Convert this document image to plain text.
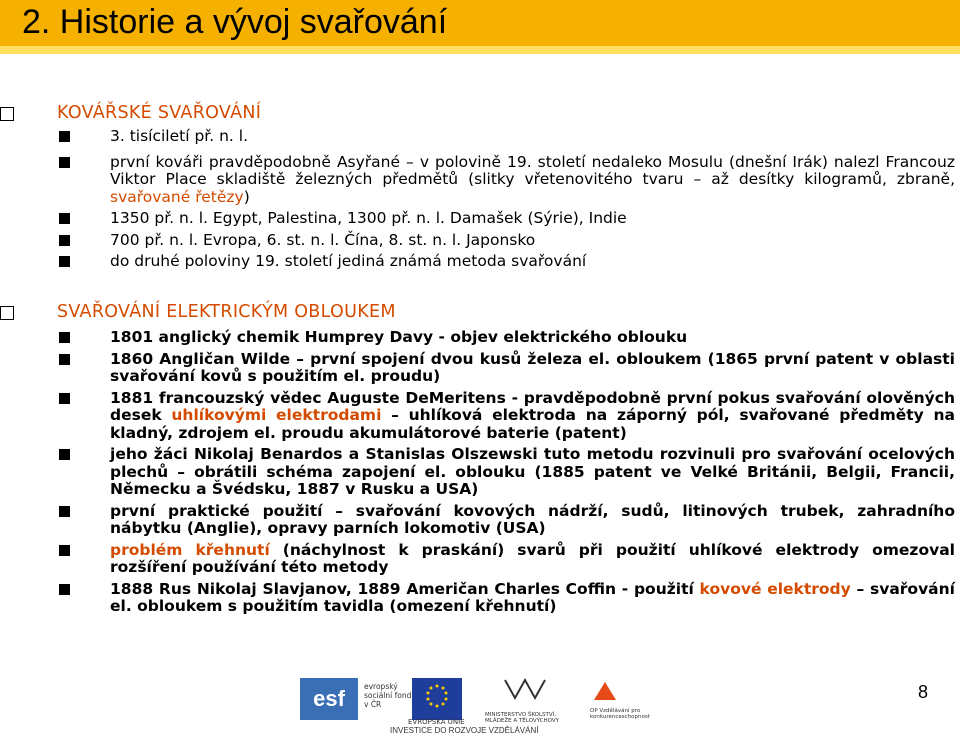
2. Historie a vývoj svařování
KOVÁŘSKÉ SVAŘOVÁNÍ
3. tisíciletí př. n. l.
první kováři pravděpodobně Asyřané – v polovině 19. století nedaleko Mosulu (dnešní Irák) nalezl Francouz Viktor Place skladiště železných předmětů (slitky vřetenovitého tvaru – až desítky kilogramů, zbraně, svařované řetězy)
1350 př. n. l. Egypt, Palestina, 1300 př. n. l. Damašek (Sýrie), Indie
700 př. n. l. Evropa, 6. st. n. l. Čína, 8. st. n. l. Japonsko
do druhé poloviny 19. století jediná známá metoda svařování
SVAŘOVÁNÍ ELEKTRICKÝM OBLOUKEM
1801 anglický chemik Humprey Davy - objev elektrického oblouku
1860 Angličan Wilde – první spojení dvou kusů železa el. obloukem (1865 první patent v oblasti svařování kovů s použitím el. proudu)
1881 francouzský vědec Auguste DeMeritens - pravděpodobně první pokus svařování olověných desek uhlíkovými elektrodami – uhlíková elektroda na záporný pól, svařované předměty na kladný, zdrojem el. proudu akumulátorové baterie (patent)
jeho žáci Nikolaj Benardos a Stanislas Olszewski tuto metodu rozvinuli pro svařování ocelových plechů – obrátili schéma zapojení el. oblouku (1885 patent ve Velké Británii, Belgii, Francii, Německu a Švédsku, 1887 v Rusku a USA)
první praktické použití – svařování kovových nádrží, sudů, litinových trubek, zahradního nábytku (Anglie), opravy parních lokomotiv (USA)
problém křehnutí (náchylnost k praskání) svarů při použití uhlíkové elektrody omezoval rozšíření používání této metody
1888 Rus Nikolaj Slavjanov, 1889 Američan Charles Coffin - použití kovové elektrody – svařování el. obloukem s použitím tavidla (omezení křehnutí)
esf	evropský sociální fond v ČR
EVROPSKÁ UNIE
MINISTERSTVO ŠKOLSTVÍ, MLÁDEŽE A TĚLOVÝCHOVY
OP Vzdělávání pro konkurenceschopnost
INVESTICE DO ROZVOJE VZDĚLÁVÁNÍ
8
